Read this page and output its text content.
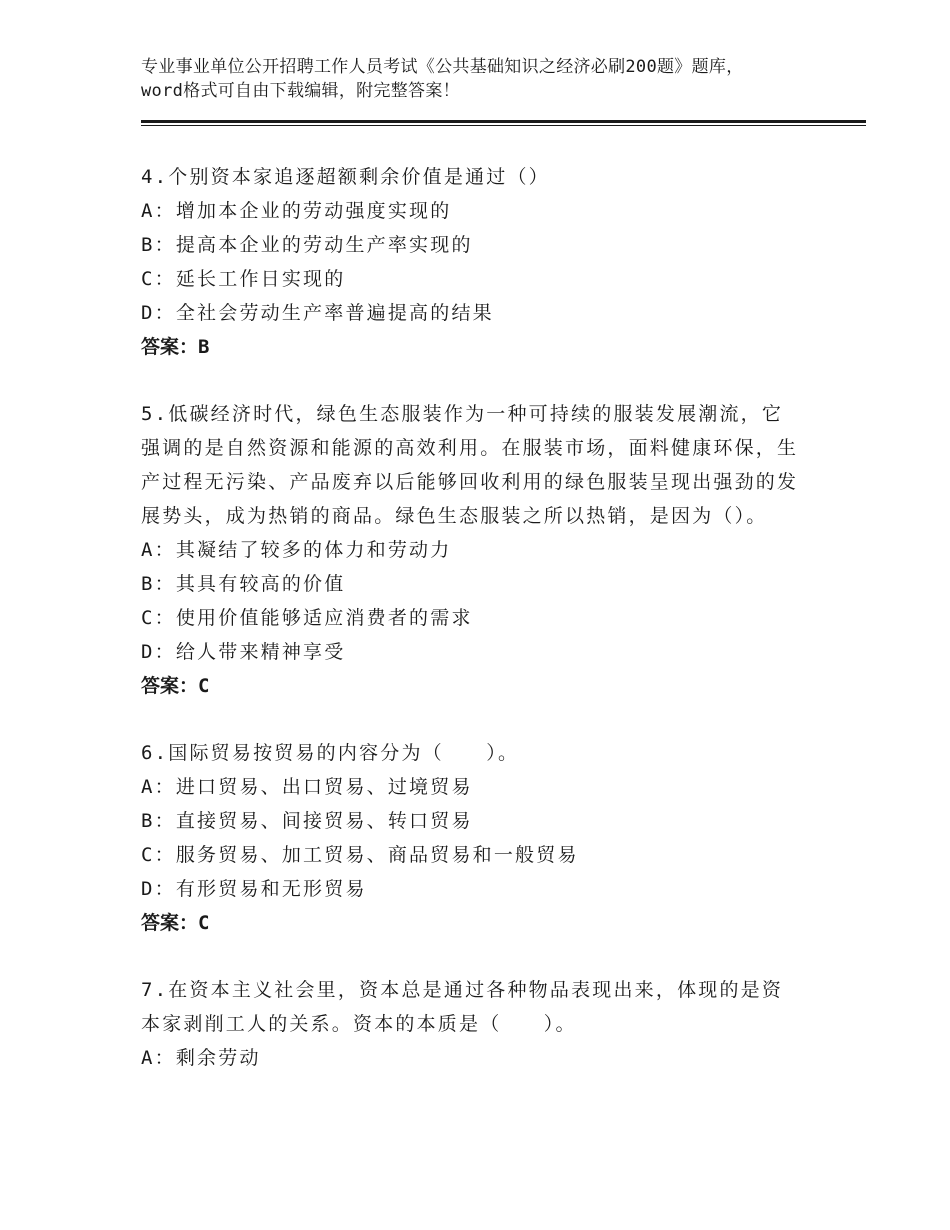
专业事业单位公开招聘工作人员考试《公共基础知识之经济必刷200题》题库，word格式可自由下载编辑，附完整答案！

4.个别资本家追逐超额剩余价值是通过（）

A：增加本企业的劳动强度实现的

B：提高本企业的劳动生产率实现的

C：延长工作日实现的

D：全社会劳动生产率普遍提高的结果

答案：B

5.低碳经济时代，绿色生态服装作为一种可持续的服装发展潮流，它强调的是自然资源和能源的高效利用。在服装市场，面料健康环保，生产过程无污染、产品废弃以后能够回收利用的绿色服装呈现出强劲的发展势头，成为热销的商品。绿色生态服装之所以热销，是因为（）。

A：其凝结了较多的体力和劳动力

B：其具有较高的价值

C：使用价值能够适应消费者的需求

D：给人带来精神享受

答案：C

6.国际贸易按贸易的内容分为（　　）。

A：进口贸易、出口贸易、过境贸易

B：直接贸易、间接贸易、转口贸易

C：服务贸易、加工贸易、商品贸易和一般贸易

D：有形贸易和无形贸易

答案：C

7.在资本主义社会里，资本总是通过各种物品表现出来，体现的是资本家剥削工人的关系。资本的本质是（　　）。

A：剩余劳动
